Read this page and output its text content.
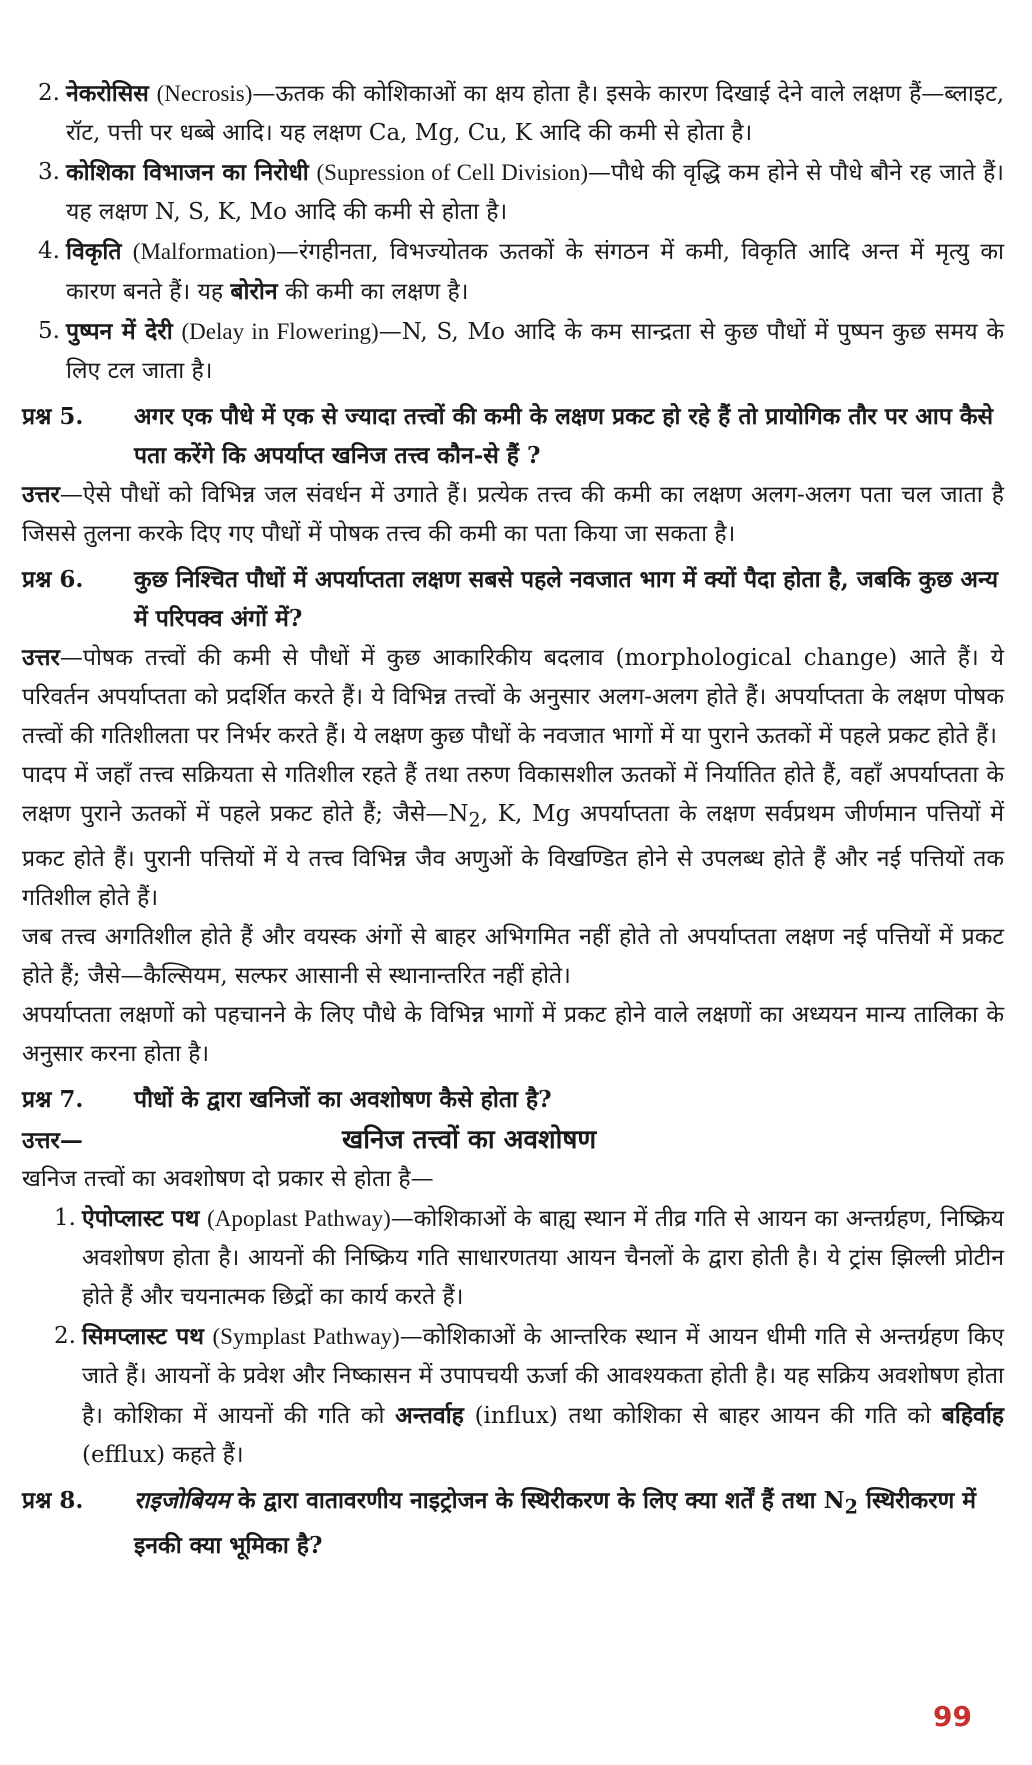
2. नेकरोसिस (Necrosis)—ऊतक की कोशिकाओं का क्षय होता है। इसके कारण दिखाई देने वाले लक्षण हैं—ब्लाइट, रॉट, पत्ती पर धब्बे आदि। यह लक्षण Ca, Mg, Cu, K आदि की कमी से होता है।
3. कोशिका विभाजन का निरोधी (Supression of Cell Division)—पौधे की वृद्धि कम होने से पौधे बौने रह जाते हैं। यह लक्षण N, S, K, Mo आदि की कमी से होता है।
4. विकृति (Malformation)—रंगहीनता, विभज्योतक ऊतकों के संगठन में कमी, विकृति आदि अन्त में मृत्यु का कारण बनते हैं। यह बोरोन की कमी का लक्षण है।
5. पुष्पन में देरी (Delay in Flowering)—N, S, Mo आदि के कम सान्द्रता से कुछ पौधों में पुष्पन कुछ समय के लिए टल जाता है।
प्रश्न 5.	अगर एक पौधे में एक से ज्यादा तत्त्वों की कमी के लक्षण प्रकट हो रहे हैं तो प्रायोगिक तौर पर आप कैसे पता करेंगे कि अपर्याप्त खनिज तत्त्व कौन-से हैं ?
उत्तर—ऐसे पौधों को विभिन्न जल संवर्धन में उगाते हैं। प्रत्येक तत्त्व की कमी का लक्षण अलग-अलग पता चल जाता है जिससे तुलना करके दिए गए पौधों में पोषक तत्त्व की कमी का पता किया जा सकता है।
प्रश्न 6.	कुछ निश्चित पौधों में अपर्याप्तता लक्षण सबसे पहले नवजात भाग में क्यों पैदा होता है, जबकि कुछ अन्य में परिपक्व अंगों में?
उत्तर—पोषक तत्त्वों की कमी से पौधों में कुछ आकारिकीय बदलाव (morphological change) आते हैं। ये परिवर्तन अपर्याप्तता को प्रदर्शित करते हैं। ये विभिन्न तत्त्वों के अनुसार अलग-अलग होते हैं। अपर्याप्तता के लक्षण पोषक तत्त्वों की गतिशीलता पर निर्भर करते हैं। ये लक्षण कुछ पौधों के नवजात भागों में या पुराने ऊतकों में पहले प्रकट होते हैं।
पादप में जहाँ तत्त्व सक्रियता से गतिशील रहते हैं तथा तरुण विकासशील ऊतकों में निर्यातित होते हैं, वहाँ अपर्याप्तता के लक्षण पुराने ऊतकों में पहले प्रकट होते हैं; $जैसे—N_2$, K, Mg अपर्याप्तता के लक्षण सर्वप्रथम जीर्णमान पत्तियों में प्रकट होते हैं। पुरानी पत्तियों में ये तत्त्व विभिन्न जैव अणुओं के विखण्डित होने से उपलब्ध होते हैं और नई पत्तियों तक गतिशील होते हैं।
जब तत्त्व अगतिशील होते हैं और वयस्क अंगों से बाहर अभिगमित नहीं होते तो अपर्याप्तता लक्षण नई पत्तियों में प्रकट होते हैं; जैसे—कैल्सियम, सल्फर आसानी से स्थानान्तरित नहीं होते।
अपर्याप्तता लक्षणों को पहचानने के लिए पौधे के विभिन्न भागों में प्रकट होने वाले लक्षणों का अध्ययन मान्य तालिका के अनुसार करना होता है।
प्रश्न 7.	पौधों के द्वारा खनिजों का अवशोषण कैसे होता है?
उत्तर—	खनिज तत्त्वों का अवशोषण
खनिज तत्त्वों का अवशोषण दो प्रकार से होता है—
1. ऐपोप्लास्ट पथ (Apoplast Pathway)—कोशिकाओं के बाह्य स्थान में तीव्र गति से आयन का अन्तर्ग्रहण, निष्क्रिय अवशोषण होता है। आयनों की निष्क्रिय गति साधारणतया आयन चैनलों के द्वारा होती है। ये ट्रांस झिल्ली प्रोटीन होते हैं और चयनात्मक छिद्रों का कार्य करते हैं।
2. सिमप्लास्ट पथ (Symplast Pathway)—कोशिकाओं के आन्तरिक स्थान में आयन धीमी गति से अन्तर्ग्रहण किए जाते हैं। आयनों के प्रवेश और निष्कासन में उपापचयी ऊर्जा की आवश्यकता होती है। यह सक्रिय अवशोषण होता है। कोशिका में आयनों की गति को अन्तर्वाह (influx) तथा कोशिका से बाहर आयन की गति को बहिर्वाह (efflux) कहते हैं।
प्रश्न 8.	राइजोबियम के द्वारा वातावरणीय नाइट्रोजन के स्थिरीकरण के लिए क्या शर्तें हैं तथा $N_2$ स्थिरीकरण में इनकी क्या भूमिका है?
99
